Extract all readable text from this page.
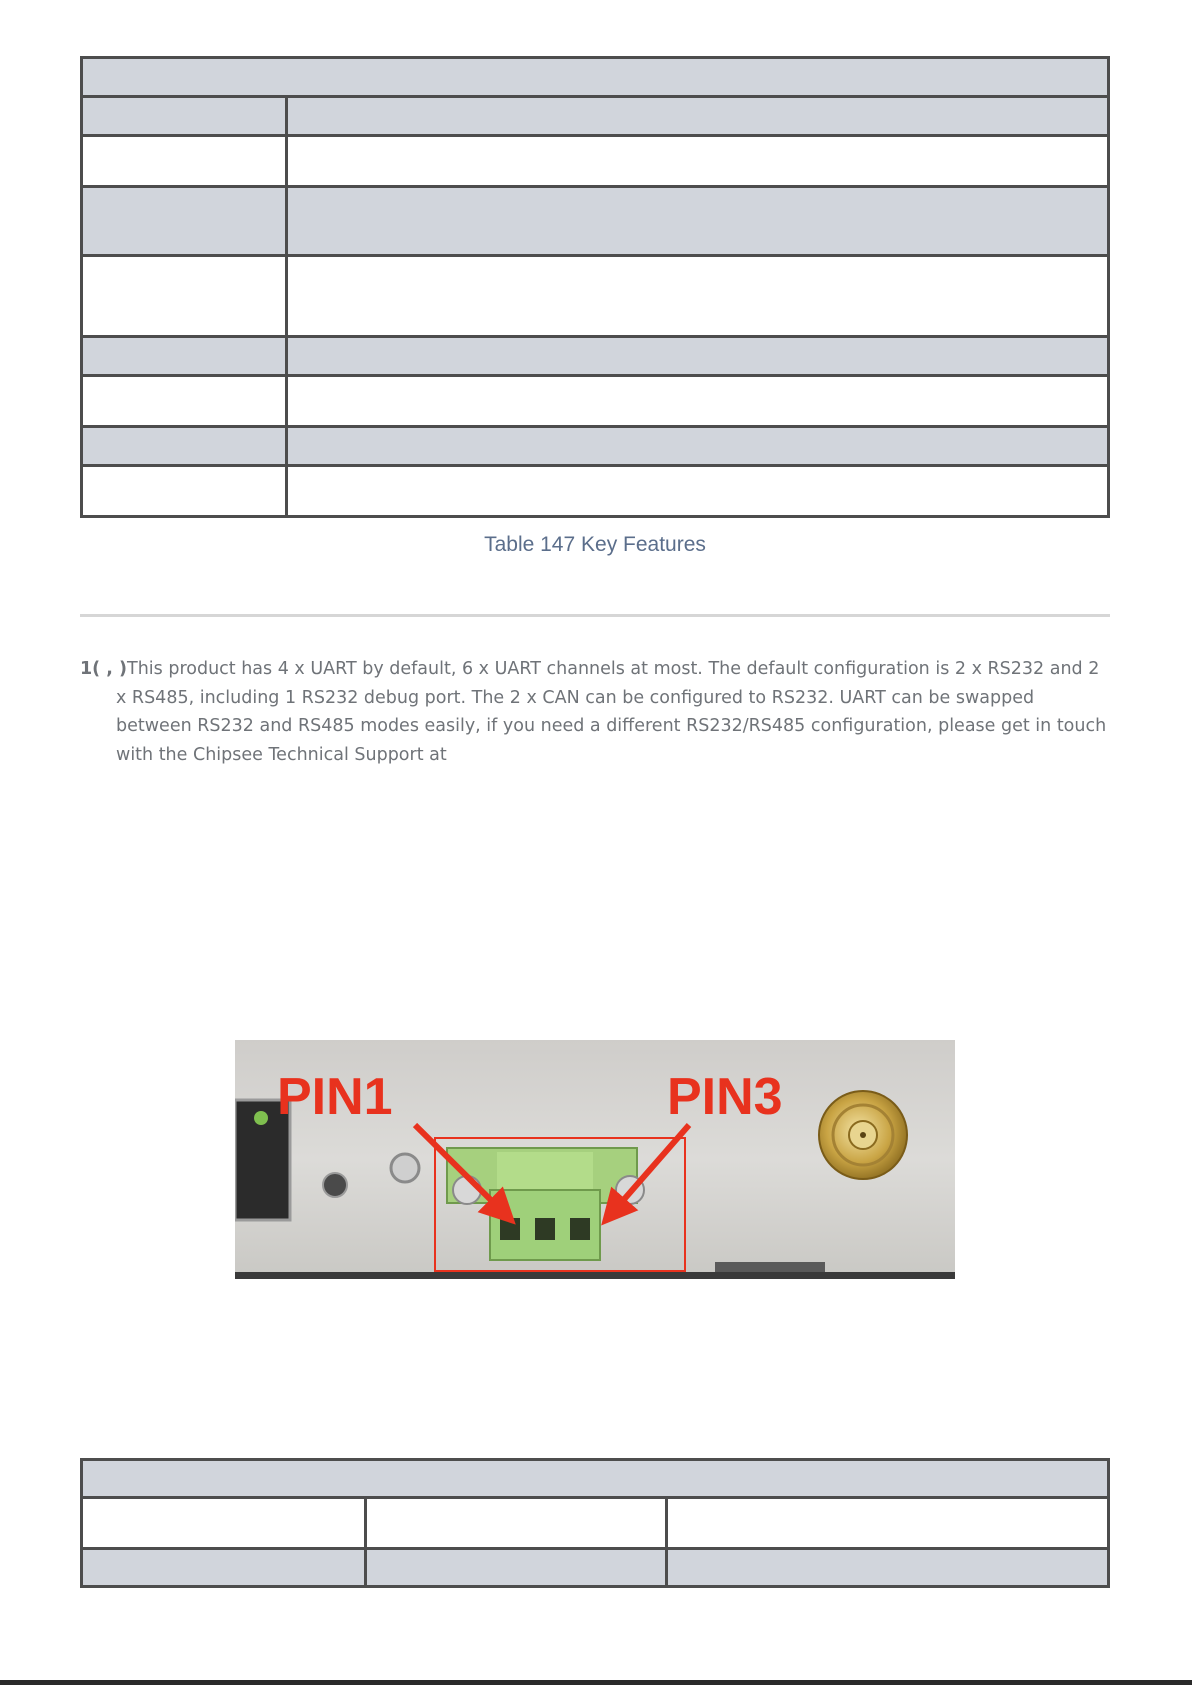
Table 147 Key Features
1( , )This product has 4 x UART by default, 6 x UART channels at most. The default configuration is 2 x RS232 and 2
x RS485, including 1 RS232 debug port. The 2 x CAN can be configured to RS232. UART can be swapped
between RS232 and RS485 modes easily, if you need a different RS232/RS485 configuration, please get in touch
with the Chipsee Technical Support at
PIN1	PIN3
